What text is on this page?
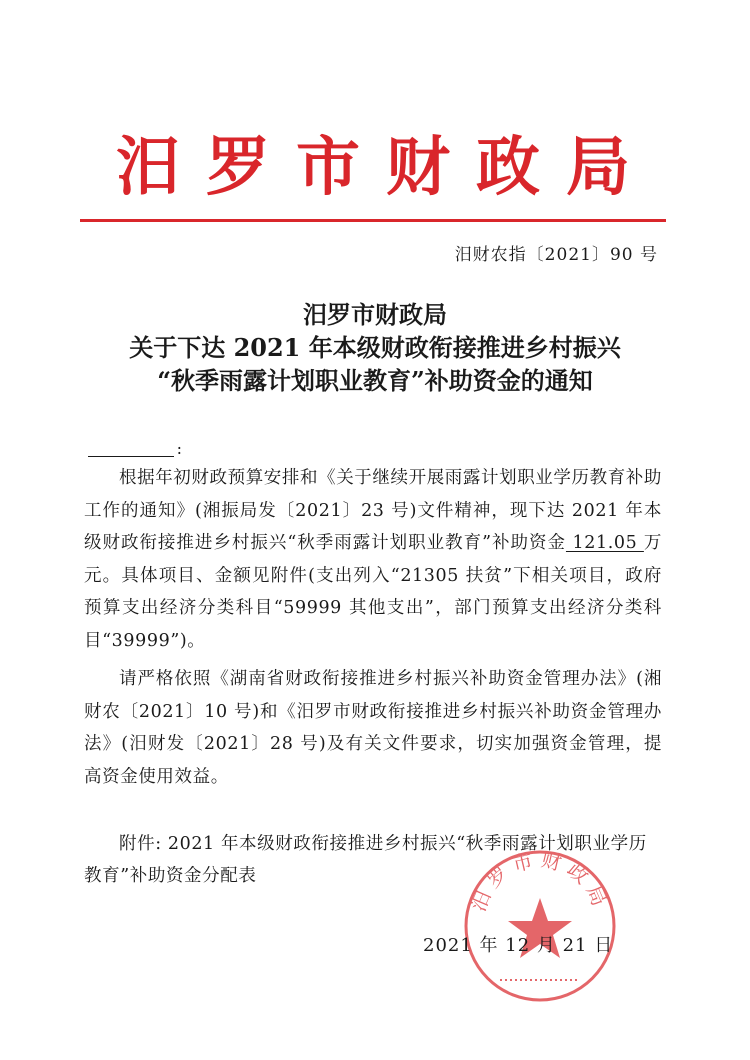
汨罗市财政局
汨财农指〔2021〕90 号
汨罗市财政局
关于下达 2021 年本级财政衔接推进乡村振兴
“秋季雨露计划职业教育”补助资金的通知
:

根据年初财政预算安排和《关于继续开展雨露计划职业学历教育补助工作的通知》(湘振局发〔2021〕23 号)文件精神，现下达 2021 年本级财政衔接推进乡村振兴“秋季雨露计划职业教育”补助资金 121.05 万元。具体项目、金额见附件(支出列入“21305 扶贫”下相关项目，政府预算支出经济分类科目“59999 其他支出”，部门预算支出经济分类科目“39999”)。

请严格依照《湖南省财政衔接推进乡村振兴补助资金管理办法》(湘财农〔2021〕10 号)和《汨罗市财政衔接推进乡村振兴补助资金管理办法》(汨财发〔2021〕28 号)及有关文件要求，切实加强资金管理，提高资金使用效益。

附件: 2021 年本级财政衔接推进乡村振兴“秋季雨露计划职业学历教育”补助资金分配表

2021 年 12 月 21 日
汨罗市财政局
